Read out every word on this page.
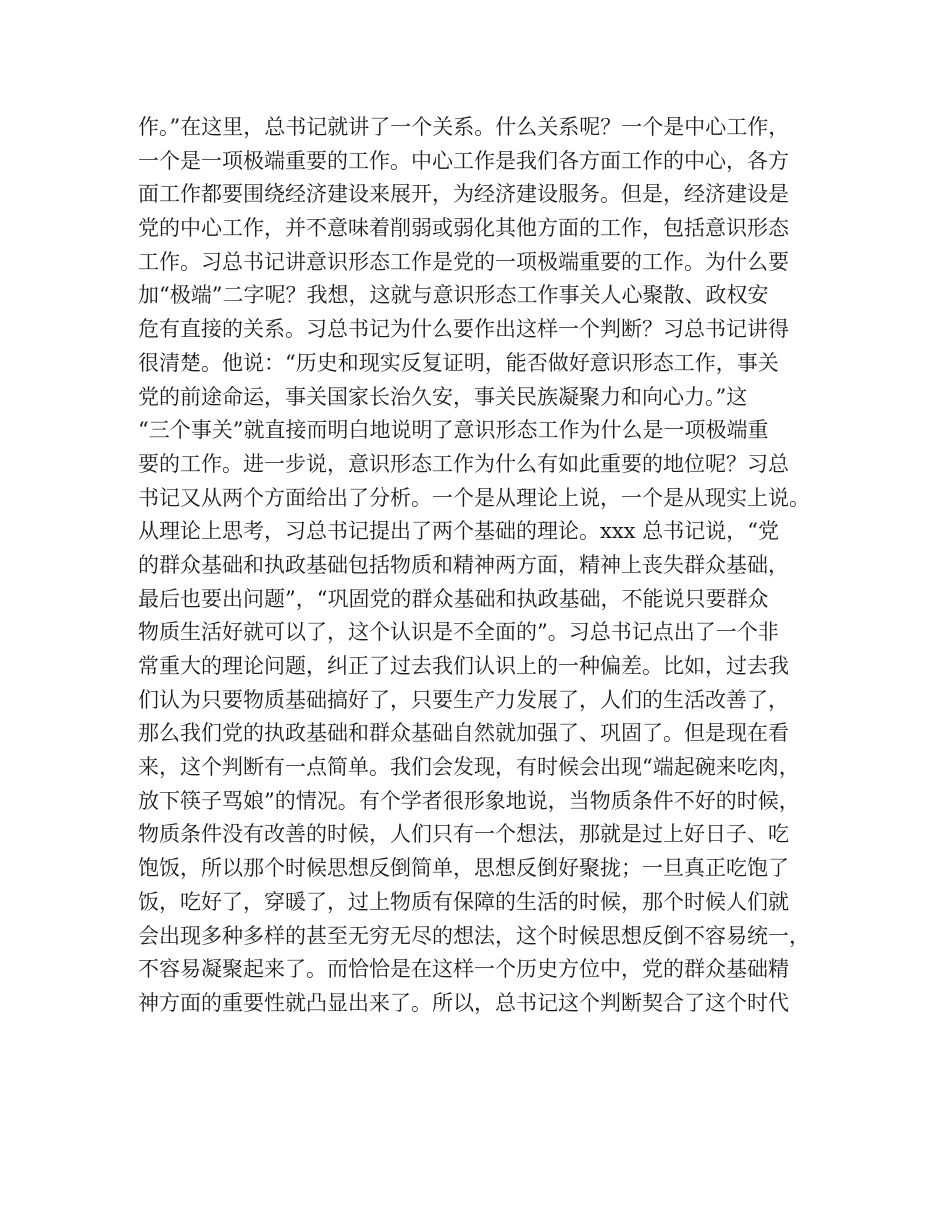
作。”在这里，总书记就讲了一个关系。什么关系呢？一个是中心工作，
一个是一项极端重要的工作。中心工作是我们各方面工作的中心，各方
面工作都要围绕经济建设来展开，为经济建设服务。但是，经济建设是
党的中心工作，并不意味着削弱或弱化其他方面的工作，包括意识形态
工作。习总书记讲意识形态工作是党的一项极端重要的工作。为什么要
加“极端”二字呢？我想，这就与意识形态工作事关人心聚散、政权安
危有直接的关系。习总书记为什么要作出这样一个判断？习总书记讲得
很清楚。他说：“历史和现实反复证明，能否做好意识形态工作，事关
党的前途命运，事关国家长治久安，事关民族凝聚力和向心力。”这
“三个事关”就直接而明白地说明了意识形态工作为什么是一项极端重
要的工作。进一步说，意识形态工作为什么有如此重要的地位呢？习总
书记又从两个方面给出了分析。一个是从理论上说，一个是从现实上说。
从理论上思考，习总书记提出了两个基础的理论。xxx 总书记说，“党
的群众基础和执政基础包括物质和精神两方面，精神上丧失群众基础，
最后也要出问题”，“巩固党的群众基础和执政基础，不能说只要群众
物质生活好就可以了，这个认识是不全面的”。习总书记点出了一个非
常重大的理论问题，纠正了过去我们认识上的一种偏差。比如，过去我
们认为只要物质基础搞好了，只要生产力发展了，人们的生活改善了，
那么我们党的执政基础和群众基础自然就加强了、巩固了。但是现在看
来，这个判断有一点简单。我们会发现，有时候会出现“端起碗来吃肉，
放下筷子骂娘”的情况。有个学者很形象地说，当物质条件不好的时候，
物质条件没有改善的时候，人们只有一个想法，那就是过上好日子、吃
饱饭，所以那个时候思想反倒简单，思想反倒好聚拢；一旦真正吃饱了
饭，吃好了，穿暖了，过上物质有保障的生活的时候，那个时候人们就
会出现多种多样的甚至无穷无尽的想法，这个时候思想反倒不容易统一，
不容易凝聚起来了。而恰恰是在这样一个历史方位中，党的群众基础精
神方面的重要性就凸显出来了。所以，总书记这个判断契合了这个时代
